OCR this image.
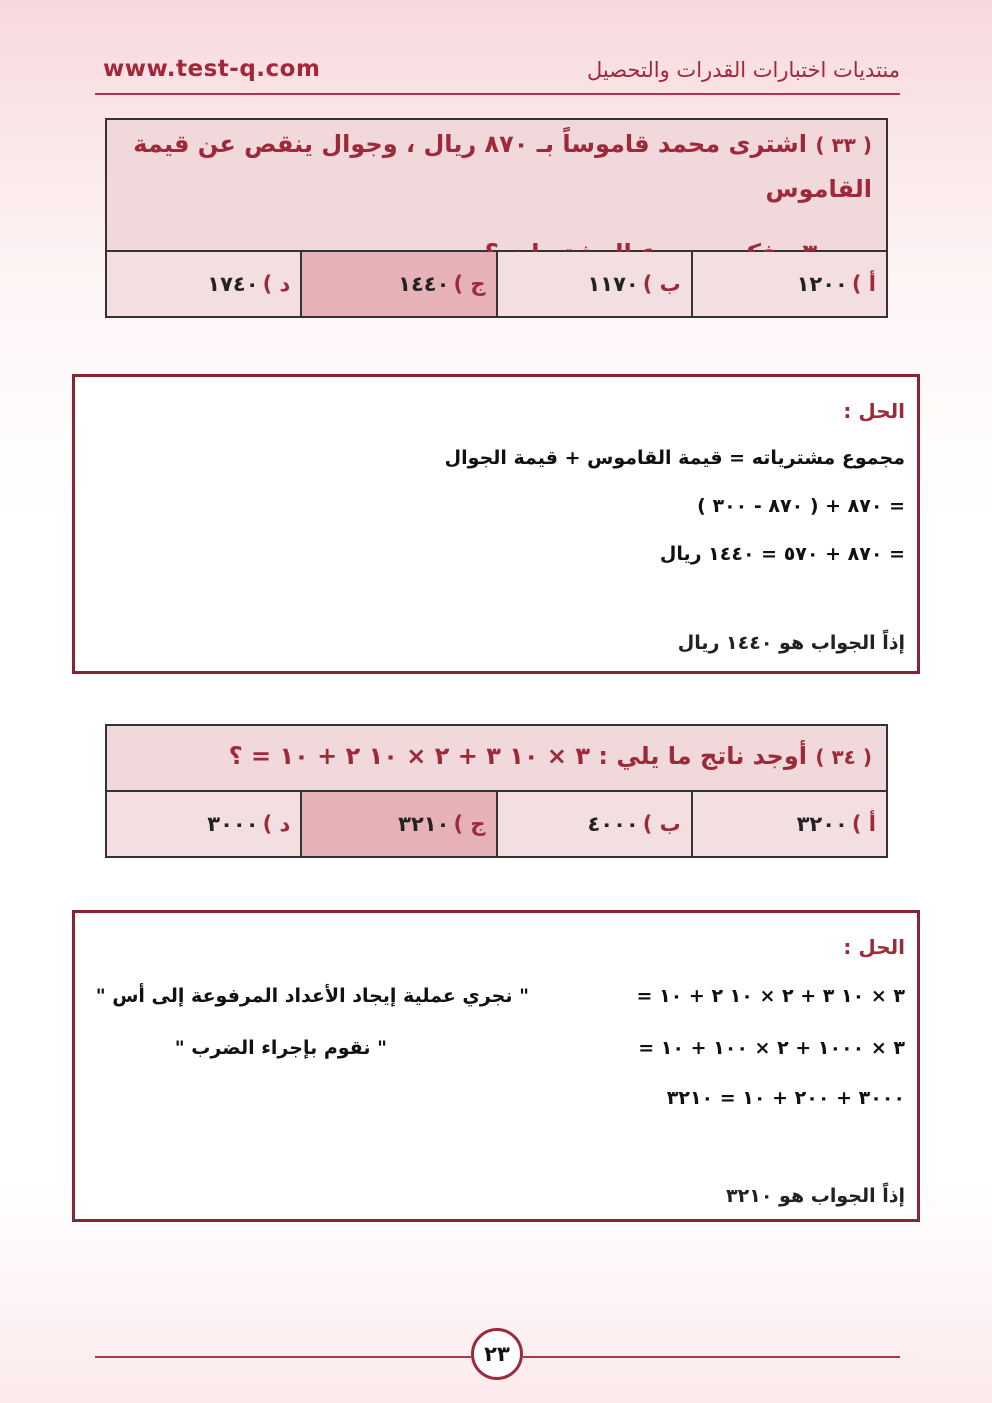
www.test-q.com	منتديات اختبارات القدرات والتحصيل
( ٣٣ ) اشترى محمد قاموساً بـ ٨٧٠ ريال ، وجوال ينقص عن قيمة القاموس
أ )
١٢٠٠
ب )
١١٧٠
ج )
١٤٤٠
د )
١٧٤٠
الحل :
مجموع مشترياته = قيمة القاموس + قيمة الجوال
= ٨٧٠ + ( ٨٧٠ - ٣٠٠ )
= ٨٧٠ + ٥٧٠ = ١٤٤٠ ريال
إذاً الجواب هو ١٤٤٠ ريال
( ٣٤ ) أوجد ناتج ما يلي : ٣ × ١٠ ٣ + ٢ × ١٠ ٢ + ١٠ = ؟
أ )
٣٢٠٠
ب )
٤٠٠٠
ج )
٣٢١٠
د )
٣٠٠٠
الحل :
٣ × ١٠ ٣ + ٢ × ١٠ ٢ + ١٠ =
" نجري عملية إيجاد الأعداد المرفوعة إلى أس "
٣ × ١٠٠٠ + ٢ × ١٠٠ + ١٠ =
" نقوم بإجراء الضرب "
٣٠٠٠ + ٢٠٠ + ١٠ = ٣٢١٠
إذاً الجواب هو ٣٢١٠
٢٣
